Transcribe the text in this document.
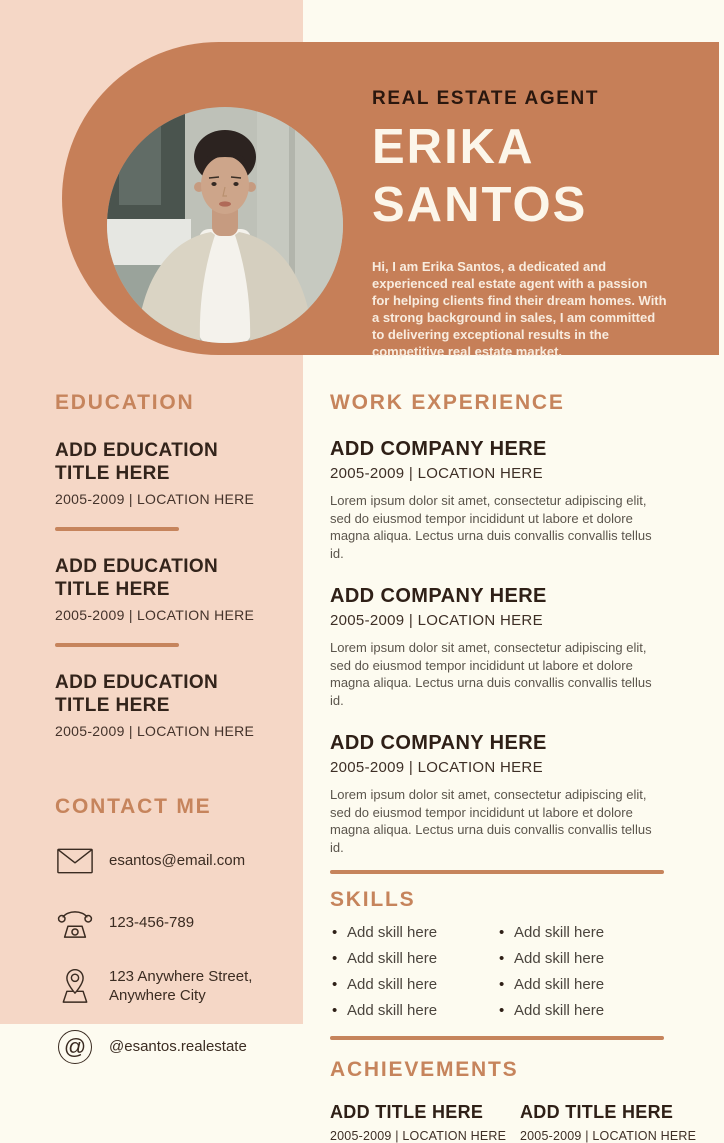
REAL ESTATE AGENT
ERIKA
SANTOS
Hi, I am Erika Santos, a dedicated and experienced real estate agent with a passion for helping clients find their dream homes. With a strong background in sales, I am committed to delivering exceptional results in the competitive real estate market.
EDUCATION
ADD EDUCATION TITLE HERE
2005-2009 | LOCATION HERE
ADD EDUCATION TITLE HERE
2005-2009 | LOCATION HERE
ADD EDUCATION TITLE HERE
2005-2009 | LOCATION HERE
CONTACT ME
esantos@email.com
123-456-789
123 Anywhere Street, Anywhere City
@	@esantos.realestate
WORK EXPERIENCE
ADD COMPANY HERE
2005-2009 | LOCATION HERE
Lorem ipsum dolor sit amet, consectetur adipiscing elit, sed do eiusmod tempor incididunt ut labore et dolore magna aliqua. Lectus urna duis convallis convallis tellus id.
ADD COMPANY HERE
2005-2009 | LOCATION HERE
Lorem ipsum dolor sit amet, consectetur adipiscing elit, sed do eiusmod tempor incididunt ut labore et dolore magna aliqua. Lectus urna duis convallis convallis tellus id.
ADD COMPANY HERE
2005-2009 | LOCATION HERE
Lorem ipsum dolor sit amet, consectetur adipiscing elit, sed do eiusmod tempor incididunt ut labore et dolore magna aliqua. Lectus urna duis convallis convallis tellus id.
SKILLS
• Add skill here
• Add skill here
• Add skill here
• Add skill here
• Add skill here
• Add skill here
• Add skill here
• Add skill here
ACHIEVEMENTS
ADD TITLE HERE
2005-2009 | LOCATION HERE
ADD TITLE HERE
2005-2009 | LOCATION HERE
